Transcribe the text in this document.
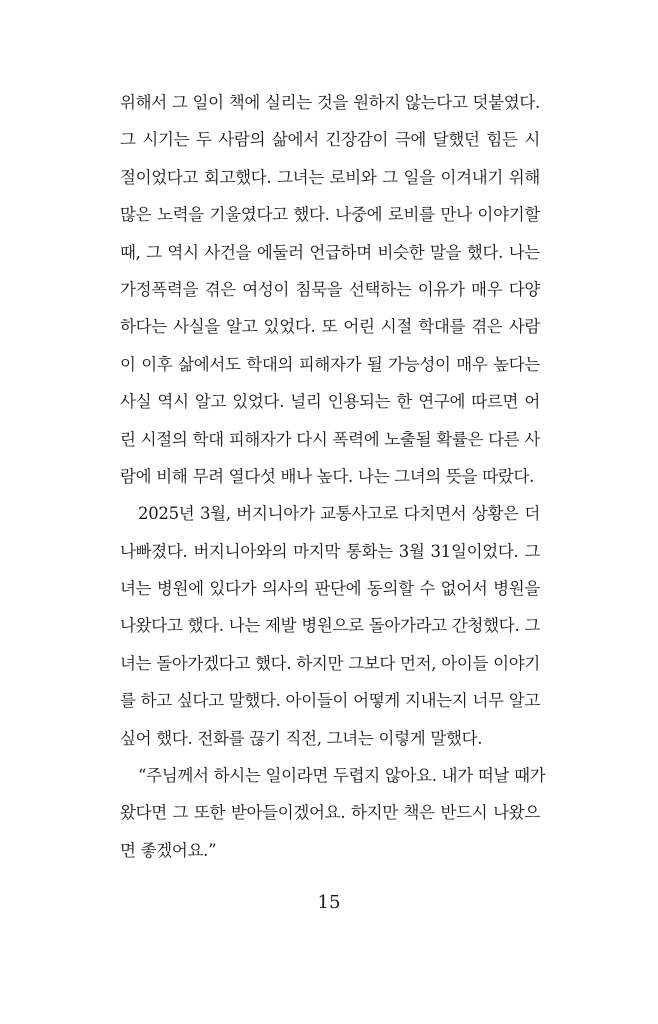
위해서 그 일이 책에 실리는 것을 원하지 않는다고 덧붙였다.
그 시기는 두 사람의 삶에서 긴장감이 극에 달했던 힘든 시
절이었다고 회고했다. 그녀는 로비와 그 일을 이겨내기 위해
많은 노력을 기울였다고 했다. 나중에 로비를 만나 이야기할
때, 그 역시 사건을 에둘러 언급하며 비슷한 말을 했다. 나는
가정폭력을 겪은 여성이 침묵을 선택하는 이유가 매우 다양
하다는 사실을 알고 있었다. 또 어린 시절 학대를 겪은 사람
이 이후 삶에서도 학대의 피해자가 될 가능성이 매우 높다는
사실 역시 알고 있었다. 널리 인용되는 한 연구에 따르면 어
린 시절의 학대 피해자가 다시 폭력에 노출될 확률은 다른 사
람에 비해 무려 열다섯 배나 높다. 나는 그녀의 뜻을 따랐다.
2025년 3월, 버지니아가 교통사고로 다치면서 상황은 더
나빠졌다. 버지니아와의 마지막 통화는 3월 31일이었다. 그
녀는 병원에 있다가 의사의 판단에 동의할 수 없어서 병원을
나왔다고 했다. 나는 제발 병원으로 돌아가라고 간청했다. 그
녀는 돌아가겠다고 했다. 하지만 그보다 먼저, 아이들 이야기
를 하고 싶다고 말했다. 아이들이 어떻게 지내는지 너무 알고
싶어 했다. 전화를 끊기 직전, 그녀는 이렇게 말했다.
“주님께서 하시는 일이라면 두렵지 않아요. 내가 떠날 때가
왔다면 그 또한 받아들이겠어요. 하지만 책은 반드시 나왔으
면 좋겠어요.”
15
